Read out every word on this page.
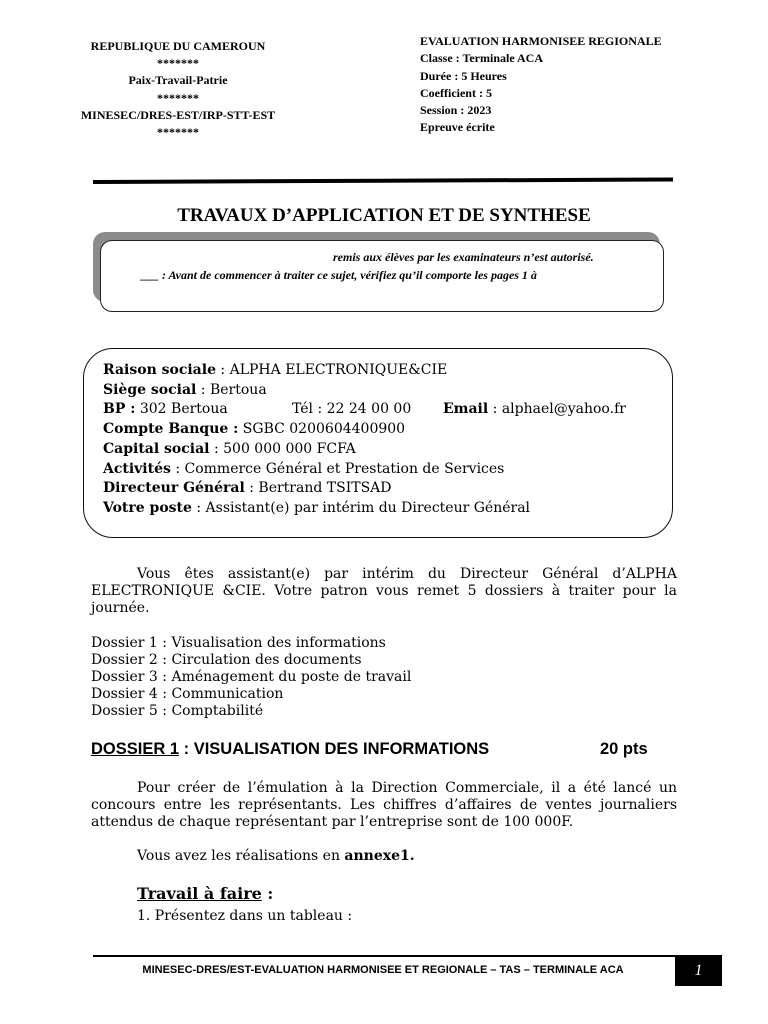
REPUBLIQUE DU CAMEROUN
*******
Paix-Travail-Patrie
*******
MINESEC/DRES-EST/IRP-STT-EST
*******
EVALUATION HARMONISEE REGIONALE
Classe : Terminale ACA
Durée : 5 Heures
Coefficient : 5
Session : 2023
Epreuve écrite
TRAVAUX D’APPLICATION ET DE SYNTHESE
remis aux élèves par les examinateurs n’est autorisé.
___ : Avant de commencer à traiter ce sujet, vérifiez qu’il comporte les pages 1 à
Raison sociale : ALPHA ELECTRONIQUE&CIE
Siège social : Bertoua
BP : 302 Bertoua	Tél : 22 24 00 00 Email : alphael@yahoo.fr
Compte Banque : SGBC 0200604400900
Capital social : 500 000 000 FCFA
Activités : Commerce Général et Prestation de Services
Directeur Général : Bertrand TSITSAD
Votre poste : Assistant(e) par intérim du Directeur Général
Vous êtes assistant(e) par intérim du Directeur Général d’ALPHA ELECTRONIQUE &CIE. Votre patron vous remet 5 dossiers à traiter pour la journée.
Dossier 1 : Visualisation des informations
Dossier 2 : Circulation des documents
Dossier 3 : Aménagement du poste de travail
Dossier 4 : Communication
Dossier 5 : Comptabilité
DOSSIER 1 : VISUALISATION DES INFORMATIONS	20 pts
Pour créer de l’émulation à la Direction Commerciale, il a été lancé un concours entre les représentants. Les chiffres d’affaires de ventes journaliers attendus de chaque représentant par l’entreprise sont de 100 000F.
Vous avez les réalisations en annexe1.
Travail à faire :
1. Présentez dans un tableau :
MINESEC-DRES/EST-EVALUATION HARMONISEE ET REGIONALE – TAS – TERMINALE ACA	1
